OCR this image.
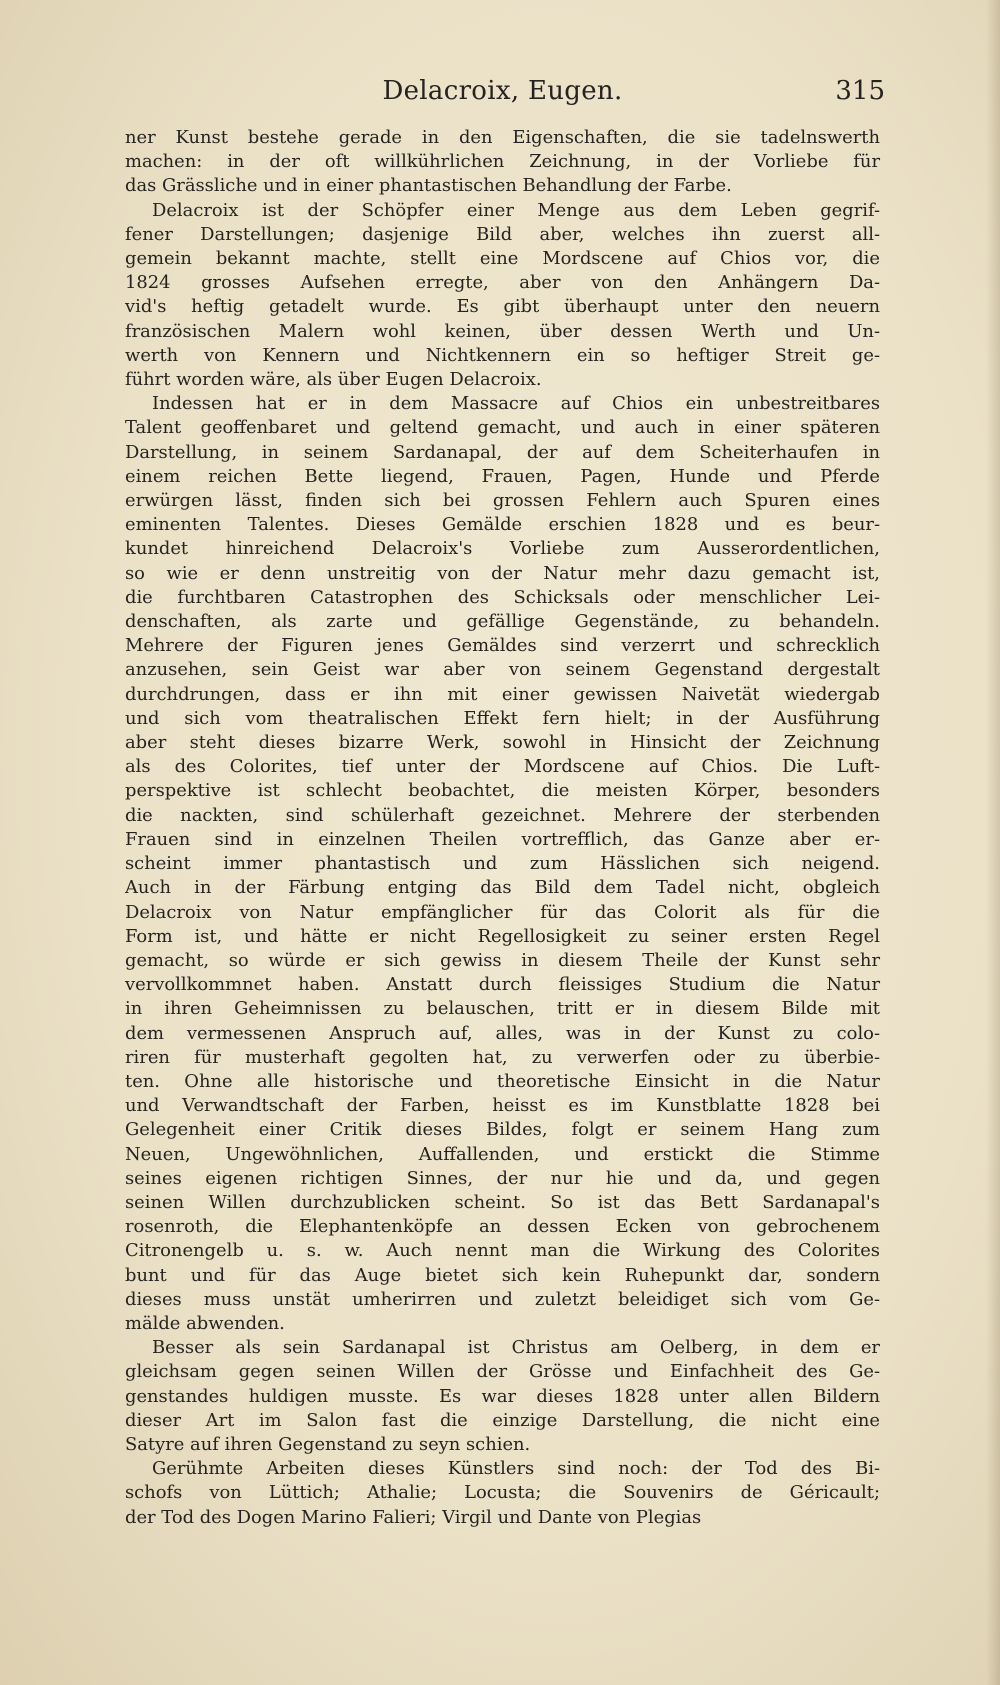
Delacroix, Eugen.	315
ner Kunst bestehe gerade in den Eigenschaften, die sie tadelnswerth
machen: in der oft willkührlichen Zeichnung, in der Vorliebe für
das Grässliche und in einer phantastischen Behandlung der Farbe.
Delacroix ist der Schöpfer einer Menge aus dem Leben gegrif-
fener Darstellungen; dasjenige Bild aber, welches ihn zuerst all-
gemein bekannt machte, stellt eine Mordscene auf Chios vor, die
1824 grosses Aufsehen erregte, aber von den Anhängern Da-
vid's heftig getadelt wurde. Es gibt überhaupt unter den neuern
französischen Malern wohl keinen, über dessen Werth und Un-
werth von Kennern und Nichtkennern ein so heftiger Streit ge-
führt worden wäre, als über Eugen Delacroix.
Indessen hat er in dem Massacre auf Chios ein unbestreitbares
Talent geoffenbaret und geltend gemacht, und auch in einer späteren
Darstellung, in seinem Sardanapal, der auf dem Scheiterhaufen in
einem reichen Bette liegend, Frauen, Pagen, Hunde und Pferde
erwürgen lässt, finden sich bei grossen Fehlern auch Spuren eines
eminenten Talentes. Dieses Gemälde erschien 1828 und es beur-
kundet hinreichend Delacroix's Vorliebe zum Ausserordentlichen,
so wie er denn unstreitig von der Natur mehr dazu gemacht ist,
die furchtbaren Catastrophen des Schicksals oder menschlicher Lei-
denschaften, als zarte und gefällige Gegenstände, zu behandeln.
Mehrere der Figuren jenes Gemäldes sind verzerrt und schrecklich
anzusehen, sein Geist war aber von seinem Gegenstand dergestalt
durchdrungen, dass er ihn mit einer gewissen Naivetät wiedergab
und sich vom theatralischen Effekt fern hielt; in der Ausführung
aber steht dieses bizarre Werk, sowohl in Hinsicht der Zeichnung
als des Colorites, tief unter der Mordscene auf Chios. Die Luft-
perspektive ist schlecht beobachtet, die meisten Körper, besonders
die nackten, sind schülerhaft gezeichnet. Mehrere der sterbenden
Frauen sind in einzelnen Theilen vortrefflich, das Ganze aber er-
scheint immer phantastisch und zum Hässlichen sich neigend.
Auch in der Färbung entging das Bild dem Tadel nicht, obgleich
Delacroix von Natur empfänglicher für das Colorit als für die
Form ist, und hätte er nicht Regellosigkeit zu seiner ersten Regel
gemacht, so würde er sich gewiss in diesem Theile der Kunst sehr
vervollkommnet haben. Anstatt durch fleissiges Studium die Natur
in ihren Geheimnissen zu belauschen, tritt er in diesem Bilde mit
dem vermessenen Anspruch auf, alles, was in der Kunst zu colo-
riren für musterhaft gegolten hat, zu verwerfen oder zu überbie-
ten. Ohne alle historische und theoretische Einsicht in die Natur
und Verwandtschaft der Farben, heisst es im Kunstblatte 1828 bei
Gelegenheit einer Critik dieses Bildes, folgt er seinem Hang zum
Neuen, Ungewöhnlichen, Auffallenden, und erstickt die Stimme
seines eigenen richtigen Sinnes, der nur hie und da, und gegen
seinen Willen durchzublicken scheint. So ist das Bett Sardanapal's
rosenroth, die Elephantenköpfe an dessen Ecken von gebrochenem
Citronengelb u. s. w. Auch nennt man die Wirkung des Colorites
bunt und für das Auge bietet sich kein Ruhepunkt dar, sondern
dieses muss unstät umherirren und zuletzt beleidiget sich vom Ge-
mälde abwenden.
Besser als sein Sardanapal ist Christus am Oelberg, in dem er
gleichsam gegen seinen Willen der Grösse und Einfachheit des Ge-
genstandes huldigen musste. Es war dieses 1828 unter allen Bildern
dieser Art im Salon fast die einzige Darstellung, die nicht eine
Satyre auf ihren Gegenstand zu seyn schien.
Gerühmte Arbeiten dieses Künstlers sind noch: der Tod des Bi-
schofs von Lüttich; Athalie; Locusta; die Souvenirs de Géricault;
der Tod des Dogen Marino Falieri; Virgil und Dante von Plegias
